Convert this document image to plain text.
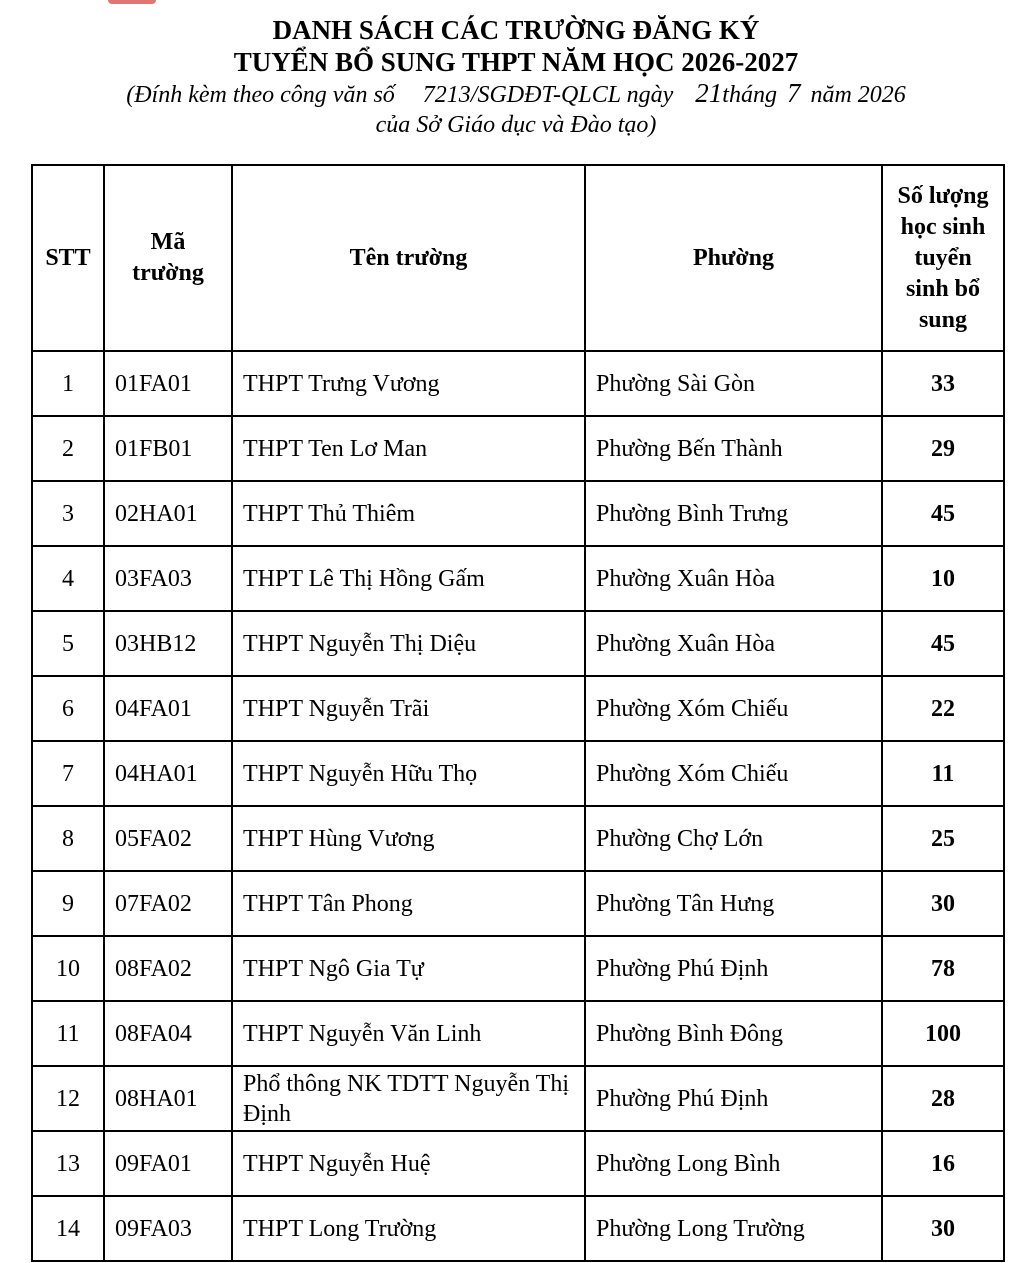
DANH SÁCH CÁC TRƯỜNG ĐĂNG KÝ

TUYỂN BỔ SUNG THPT NĂM HỌC 2026-2027

(Đính kèm theo công văn số 7213/SGDĐT-QLCL ngày 21tháng 7 năm 2026

của Sở Giáo dục và Đào tạo)

STT	Mã trường	Tên trường	Phường	Số lượng học sinh tuyển sinh bổ sung
1	01FA01	THPT Trưng Vương	Phường Sài Gòn	33
2	01FB01	THPT Ten Lơ Man	Phường Bến Thành	29
3	02HA01	THPT Thủ Thiêm	Phường Bình Trưng	45
4	03FA03	THPT Lê Thị Hồng Gấm	Phường Xuân Hòa	10
5	03HB12	THPT Nguyễn Thị Diệu	Phường Xuân Hòa	45
6	04FA01	THPT Nguyễn Trãi	Phường Xóm Chiếu	22
7	04HA01	THPT Nguyễn Hữu Thọ	Phường Xóm Chiếu	11
8	05FA02	THPT Hùng Vương	Phường Chợ Lớn	25
9	07FA02	THPT Tân Phong	Phường Tân Hưng	30
10	08FA02	THPT Ngô Gia Tự	Phường Phú Định	78
11	08FA04	THPT Nguyễn Văn Linh	Phường Bình Đông	100
12	08HA01	Phổ thông NK TDTT Nguyễn Thị Định	Phường Phú Định	28
13	09FA01	THPT Nguyễn Huệ	Phường Long Bình	16
14	09FA03	THPT Long Trường	Phường Long Trường	30
